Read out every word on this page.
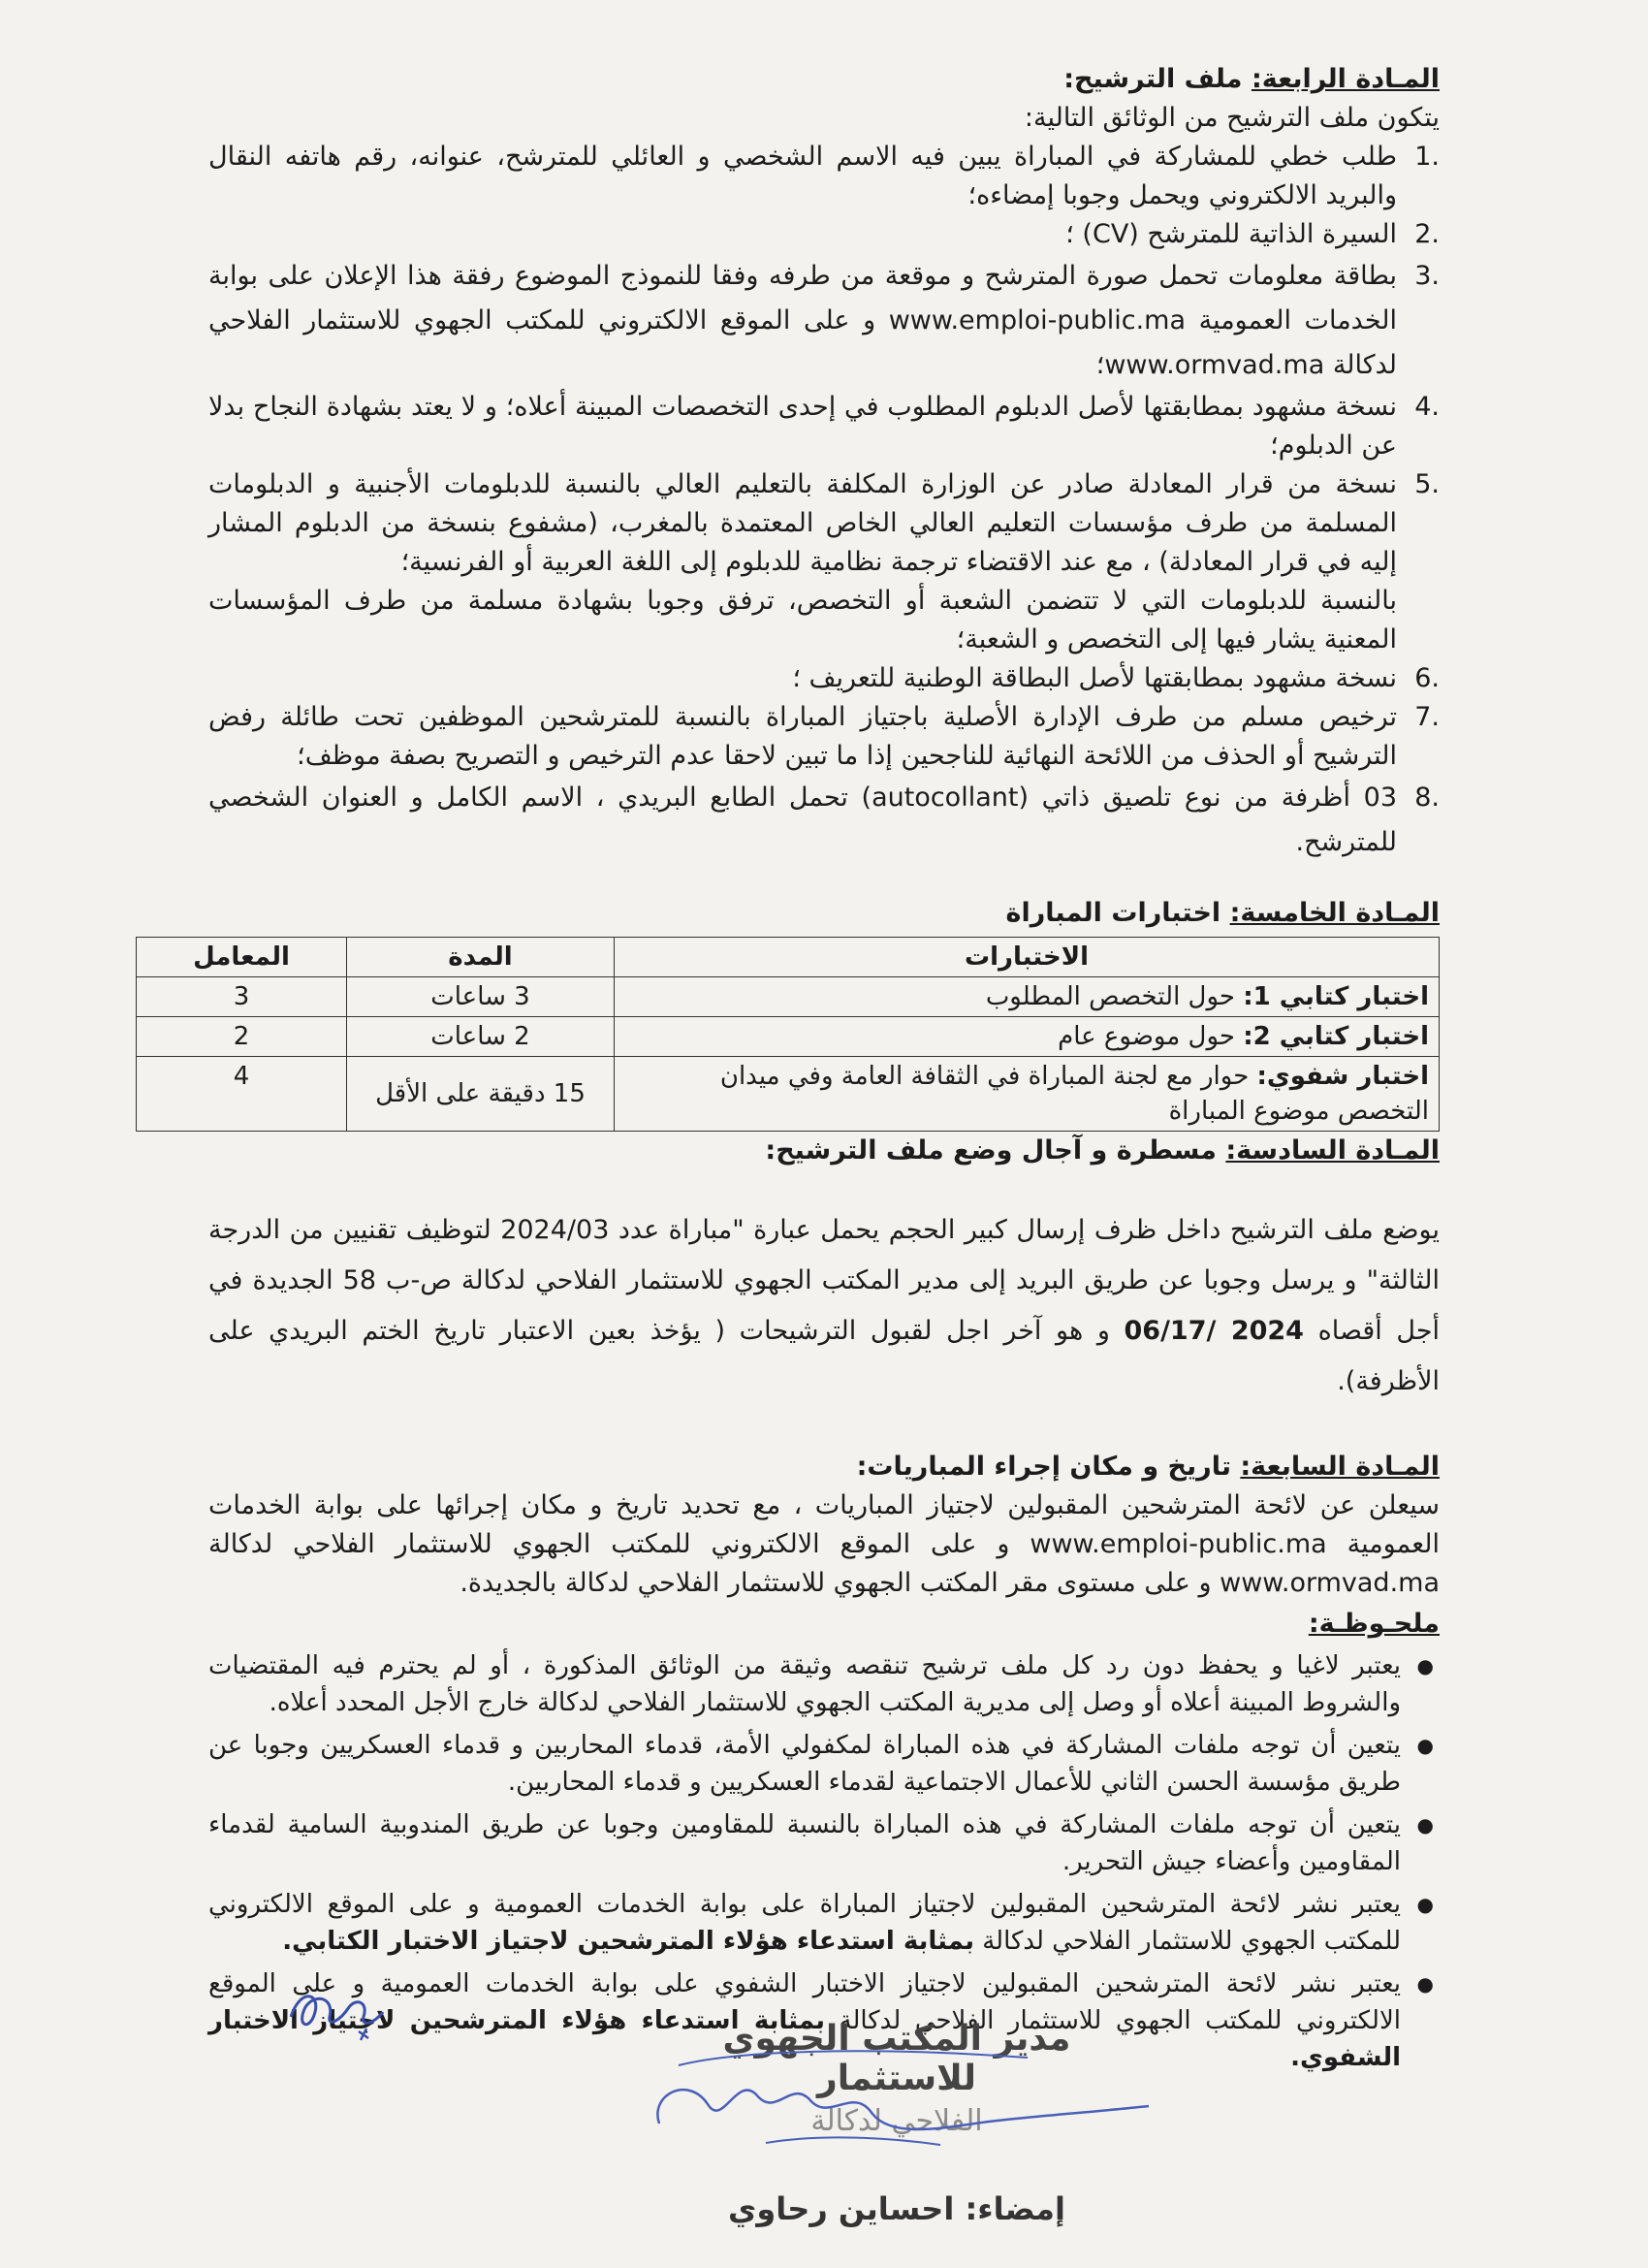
المـادة الرابعة: ملف الترشيح:

يتكون ملف الترشيح من الوثائق التالية:

.1
طلب خطي للمشاركة في المباراة يبين فيه الاسم الشخصي و العائلي للمترشح، عنوانه، رقم هاتفه النقال والبريد الالكتروني ويحمل وجوبا إمضاءه؛
.2
السيرة الذاتية للمترشح (CV) ؛
.3
بطاقة معلومات تحمل صورة المترشح و موقعة من طرفه وفقا للنموذج الموضوع رفقة هذا الإعلان على بوابة الخدمات العمومية www.emploi-public.ma و على الموقع الالكتروني للمكتب الجهوي للاستثمار الفلاحي لدكالة www.ormvad.ma؛
.4
نسخة مشهود بمطابقتها لأصل الدبلوم المطلوب في إحدى التخصصات المبينة أعلاه؛ و لا يعتد بشهادة النجاح بدلا عن الدبلوم؛
.5
نسخة من قرار المعادلة صادر عن الوزارة المكلفة بالتعليم العالي بالنسبة للدبلومات الأجنبية و الدبلومات المسلمة من طرف مؤسسات التعليم العالي الخاص المعتمدة بالمغرب، (مشفوع بنسخة من الدبلوم المشار إليه في قرار المعادلة) ، مع عند الاقتضاء ترجمة نظامية للدبلوم إلى اللغة العربية أو الفرنسية؛
بالنسبة للدبلومات التي لا تتضمن الشعبة أو التخصص، ترفق وجوبا بشهادة مسلمة من طرف المؤسسات المعنية يشار فيها إلى التخصص و الشعبة؛
.6
نسخة مشهود بمطابقتها لأصل البطاقة الوطنية للتعريف ؛
.7
ترخيص مسلم من طرف الإدارة الأصلية باجتياز المباراة بالنسبة للمترشحين الموظفين تحت طائلة رفض الترشيح أو الحذف من اللائحة النهائية للناجحين إذا ما تبين لاحقا عدم الترخيص و التصريح بصفة موظف؛
.8
03 أظرفة من نوع تلصيق ذاتي (autocollant) تحمل الطابع البريدي ، الاسم الكامل و العنوان الشخصي للمترشح.
المـادة الخامسة: اختبارات المباراة
الاختبارات	المدة	المعامل
اختبار كتابي 1: حول التخصص المطلوب	3 ساعات	3
اختبار كتابي 2: حول موضوع عام	2 ساعات	2
اختبار شفوي: حوار مع لجنة المباراة في الثقافة العامة وفي ميدان التخصص موضوع المباراة	15 دقيقة على الأقل	4
المـادة السادسة: مسطرة و آجال وضع ملف الترشيح:
يوضع ملف الترشيح داخل ظرف إرسال كبير الحجم يحمل عبارة "مباراة عدد 2024/03 لتوظيف تقنيين من الدرجة الثالثة" و يرسل وجوبا عن طريق البريد إلى مدير المكتب الجهوي للاستثمار الفلاحي لدكالة ص-ب 58 الجديدة في أجل أقصاه 2024 /06/17 و هو آخر اجل لقبول الترشيحات ( يؤخذ بعين الاعتبار تاريخ الختم البريدي على الأظرفة).
المـادة السابعة: تاريخ و مكان إجراء المباريات:
سيعلن عن لائحة المترشحين المقبولين لاجتياز المباريات ، مع تحديد تاريخ و مكان إجرائها على بوابة الخدمات العمومية www.emploi-public.ma و على الموقع الالكتروني للمكتب الجهوي للاستثمار الفلاحي لدكالة www.ormvad.ma و على مستوى مقر المكتب الجهوي للاستثمار الفلاحي لدكالة بالجديدة.
ملحـوظـة:
●
يعتبر لاغيا و يحفظ دون رد كل ملف ترشيح تنقصه وثيقة من الوثائق المذكورة ، أو لم يحترم فيه المقتضيات والشروط المبينة أعلاه أو وصل إلى مديرية المكتب الجهوي للاستثمار الفلاحي لدكالة خارج الأجل المحدد أعلاه.
●
يتعين أن توجه ملفات المشاركة في هذه المباراة لمكفولي الأمة، قدماء المحاربين و قدماء العسكريين وجوبا عن طريق مؤسسة الحسن الثاني للأعمال الاجتماعية لقدماء العسكريين و قدماء المحاربين.
●
يتعين أن توجه ملفات المشاركة في هذه المباراة بالنسبة للمقاومين وجوبا عن طريق المندوبية السامية لقدماء المقاومين وأعضاء جيش التحرير.
●
يعتبر نشر لائحة المترشحين المقبولين لاجتياز المباراة على بوابة الخدمات العمومية و على الموقع الالكتروني للمكتب الجهوي للاستثمار الفلاحي لدكالة بمثابة استدعاء هؤلاء المترشحين لاجتياز الاختبار الكتابي.
●
يعتبر نشر لائحة المترشحين المقبولين لاجتياز الاختبار الشفوي على بوابة الخدمات العمومية و على الموقع الالكتروني للمكتب الجهوي للاستثمار الفلاحي لدكالة بمثابة استدعاء هؤلاء المترشحين لاجتياز الاختبار الشفوي.
مدير المكتب الجهوي للاستثمار
الفلاحي لدكالة
إمضاء: احساين رحاوي
